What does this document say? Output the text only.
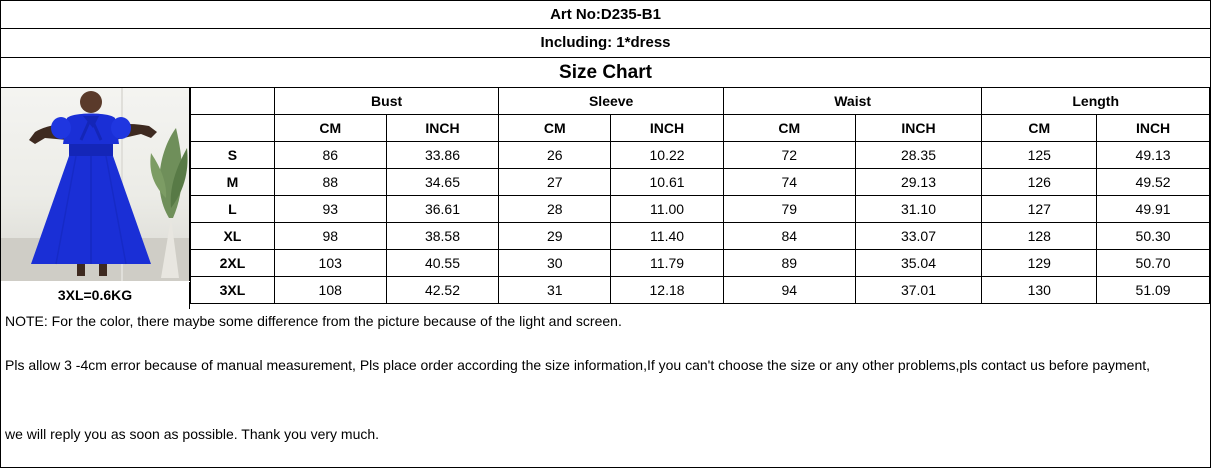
Art No:D235-B1
Including: 1*dress
Size Chart
3XL=0.6KG
	Bust		Sleeve		Waist		Length	
	CM	INCH	CM	INCH	CM	INCH	CM	INCH
S	86	33.86	26	10.22	72	28.35	125	49.13
M	88	34.65	27	10.61	74	29.13	126	49.52
L	93	36.61	28	11.00	79	31.10	127	49.91
XL	98	38.58	29	11.40	84	33.07	128	50.30
2XL	103	40.55	30	11.79	89	35.04	129	50.70
3XL	108	42.52	31	12.18	94	37.01	130	51.09

NOTE: For the color, there maybe some difference from the picture because of the light and screen.

Pls allow 3 -4cm error because of manual measurement, Pls place order according the size information,If you can't choose the size or any other problems,pls contact us before payment,

we will reply you as soon as possible. Thank you very much.
